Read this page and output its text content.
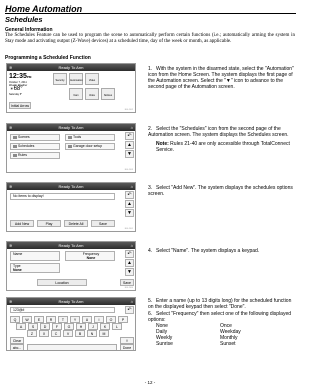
Home Automation
Schedules
General Information

The Schedules Feature can be used to program the scene to automatically perform certain functions (i.e.; automatically arming the system in Stay mode and activating output (Z-Wave) devices) at a scheduled time, day of the week or month, as applicable.

Programming a Scheduled Function
≋	Ready To Arm
12:35PM
October 7, 2011
Weekly Weather
☀68°
Saturday 5°
Security	Automation	Video
Cam	Voice	Notices
Initial Arrow
800-1102
≋	Ready To Arm	⌂
Scenes	Tools
Schedules	Garage door setup
Rules
↶
▲
▼
800-1103
≋	Ready To Arm	⌂
No items to display!	↶
▲
▼
Add New	Play	Delete All	Save
800-1101
≋	Ready To Arm	⌂
Name	Frequency
None
Type
None
Location
↶
▲
▼
Save
800-1104
≋	Ready To Arm	⌂
123@#	↶
Q	W	E	R	T	Y	U	I	O	P
A	S	D	F	G	H	J	K	L
Z	X	C	V	B	N	M
Clear	⇧
abc...	Done

1. With the system in the disarmed state, select the "Automation" icon from the Home Screen. The system displays the first page of the Automation screen. Select the "▼" icon to advance to the second page of the Automation screen.

2. Select the "Schedules" icon from the second page of the Automation screen. The system displays the Schedules screen.

Note: Rules 21-40 are only accessible through TotalConnect Service.

3. Select "Add New". The system displays the schedules options screen.

4. Select "Name". The system displays a keypad.

5. Enter a name (up to 13 digits long) for the scheduled function on the displayed keypad then select "Done".

6. Select "Frequency" then select one of the following displayed options:

None	Once
Daily	Weekday
Weekly	Monthly
Sunrise	Sunset
- 12 -
